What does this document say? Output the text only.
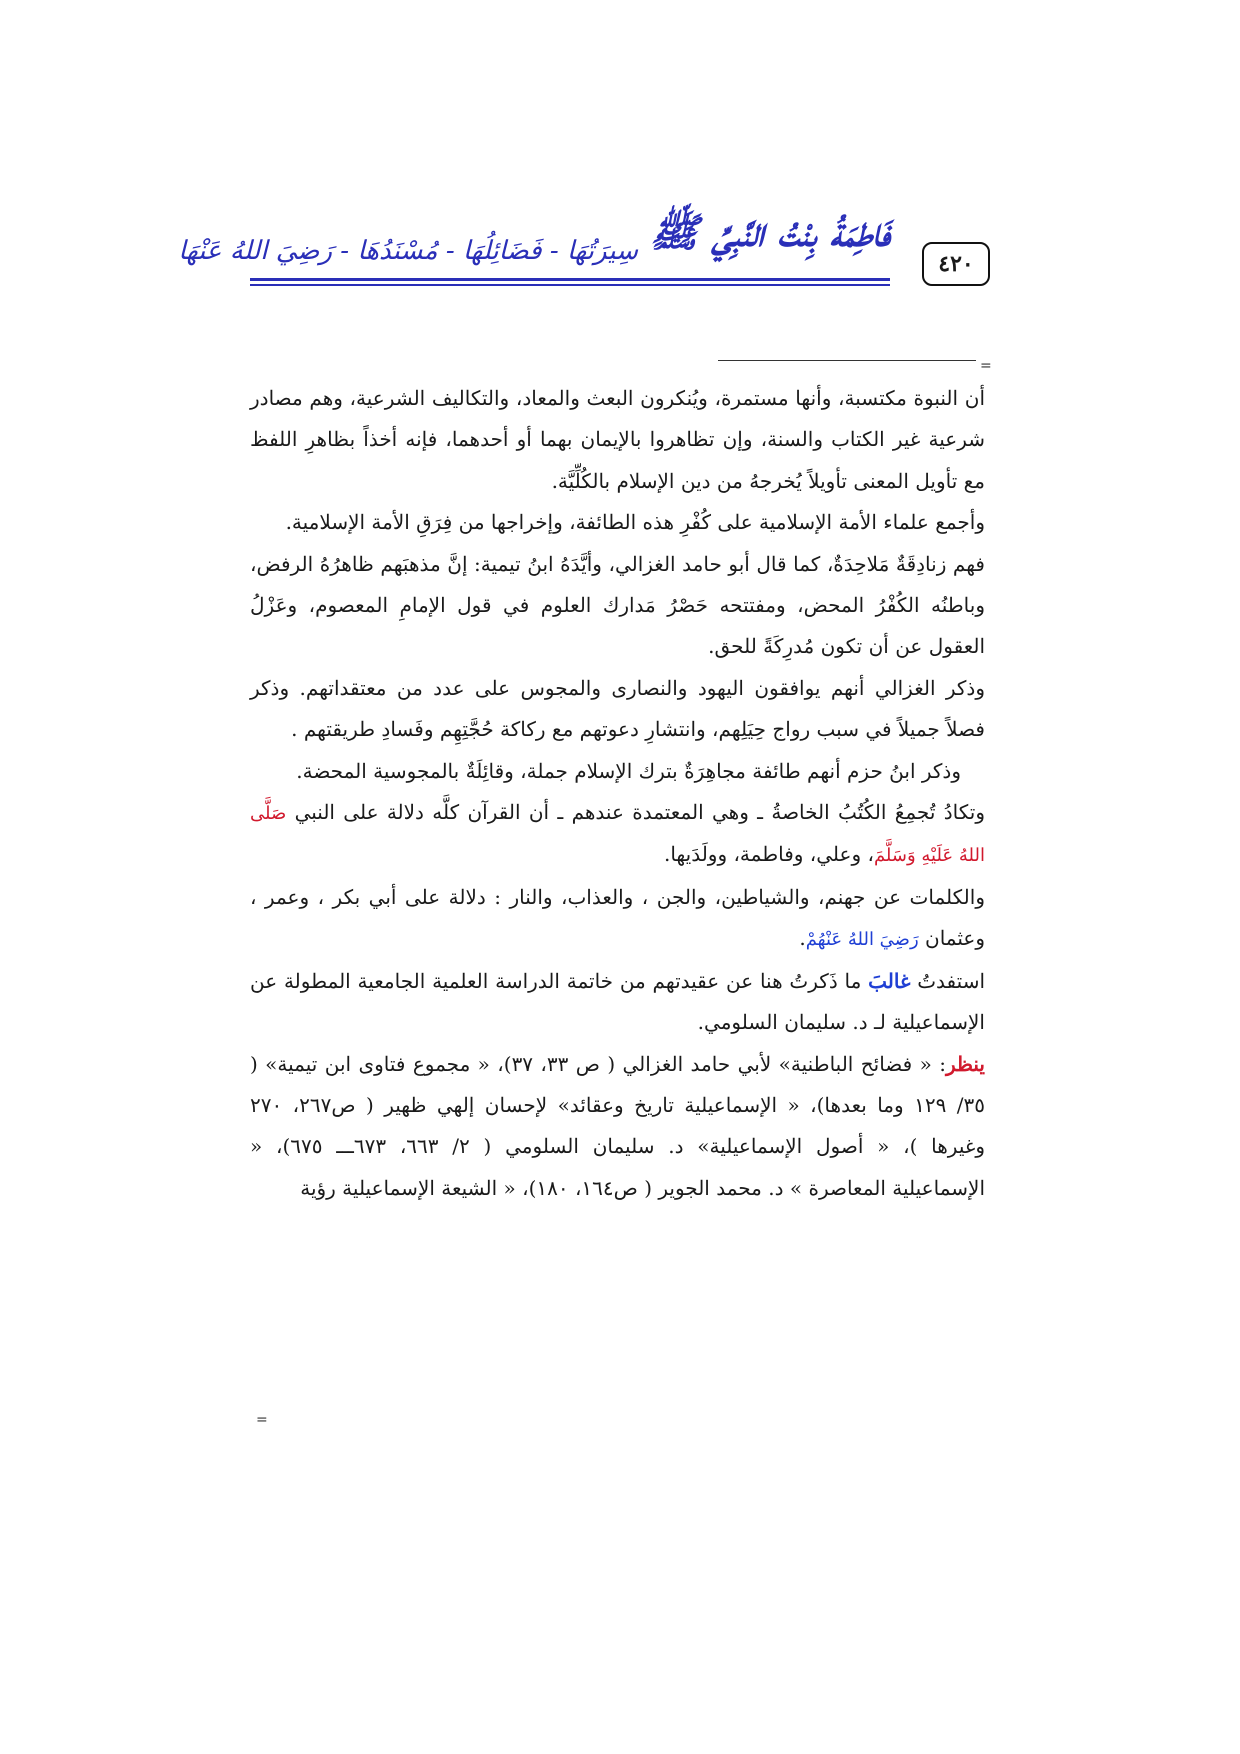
فَاطِمَةُ بِنْتُ النَّبِيِّ ﷺ
سِيرَتُهَا - فَضَائِلُهَا - مُسْنَدُهَا - رَضِيَ اللهُ عَنْهَا	٤٢٠
=

أن النبوة مكتسبة، وأنها مستمرة، ويُنكرون البعث والمعاد، والتكاليف الشرعية، وهم مصادر شرعية غير الكتاب والسنة، وإن تظاهروا بالإيمان بهما أو أحدهما، فإنه أخذاً بظاهرِ اللفظ مع تأويل المعنى تأويلاً يُخرجهُ من دين الإسلام بالكُلِّيَّة.

وأجمع علماء الأمة الإسلامية على كُفْرِ هذه الطائفة، وإخراجها من فِرَقِ الأمة الإسلامية.

فهم زنادِقَةٌ مَلاحِدَةٌ، كما قال أبو حامد الغزالي، وأيَّدَهُ ابنُ تيمية: إنَّ مذهبَهم ظاهرُهُ الرفض، وباطنُه الكُفْرُ المحض، ومفتتحه حَصْرُ مَدارك العلوم في قول الإمامِ المعصوم، وعَزْلُ العقول عن أن تكون مُدرِكَةً للحق.

وذكر الغزالي أنهم يوافقون اليهود والنصارى والمجوس على عدد من معتقداتهم. وذكر فصلاً جميلاً في سبب رواج حِيَلِهم، وانتشارِ دعوتهم مع ركاكة حُجَّتِهِم وفَسادِ طريقتهم .

وذكر ابنُ حزم أنهم طائفة مجاهِرَةٌ بترك الإسلام جملة، وقائِلَةٌ بالمجوسية المحضة.

وتكادُ تُجمِعُ الكُتُبُ الخاصةُ ـ وهي المعتمدة عندهم ـ أن القرآن كلَّه دلالة على النبي صَلَّى اللهُ عَلَيْهِ وَسَلَّمَ، وعلي، وفاطمة، وولَدَيها.

والكلمات عن جهنم، والشياطين، والجن ، والعذاب، والنار : دلالة على أبي بكر ، وعمر ، وعثمان رَضِيَ اللهُ عَنْهُمْ.

استفدتُ غالبَ ما ذَكرتُ هنا عن عقيدتهم من خاتمة الدراسة العلمية الجامعية المطولة عن الإسماعيلية لـ د. سليمان السلومي.

ينظر: « فضائح الباطنية» لأبي حامد الغزالي ( ص ٣٣، ٣٧)، « مجموع فتاوى ابن تيمية» ( ٣٥/ ١٢٩ وما بعدها)، « الإسماعيلية تاريخ وعقائد» لإحسان إلهي ظهير ( ص٢٦٧، ٢٧٠ وغيرها )، « أصول الإسماعيلية» د. سليمان السلومي ( ٢/ ٦٦٣، ٦٧٣ـــ ٦٧٥)، « الإسماعيلية المعاصرة » د. محمد الجوير ( ص١٦٤، ١٨٠)، « الشيعة الإسماعيلية رؤية

=
